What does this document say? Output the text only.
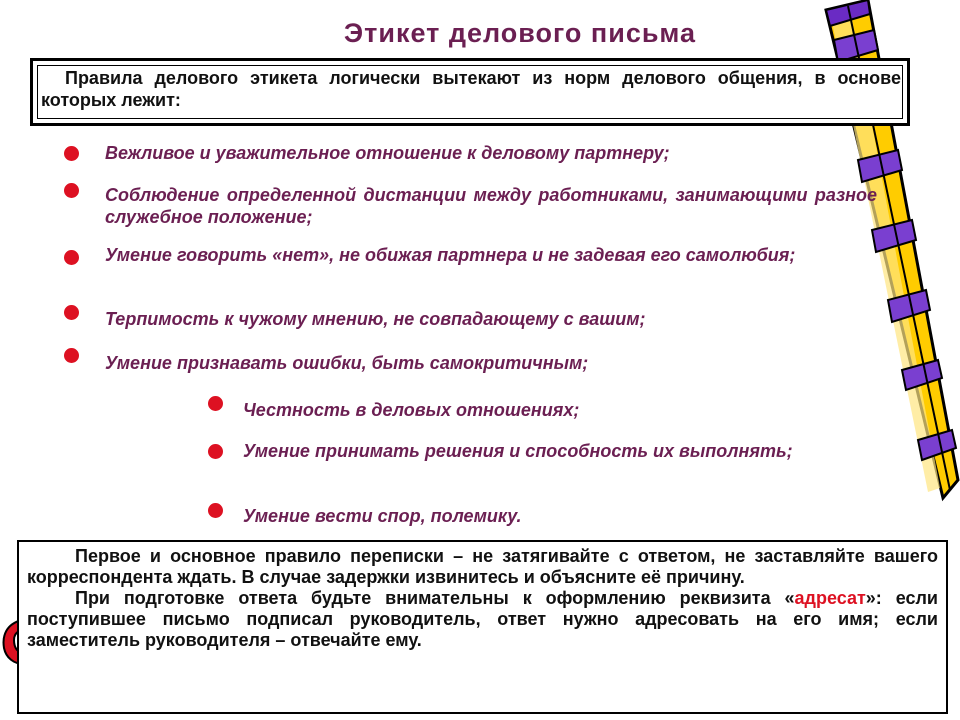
Этикет делового письма
Правила делового этикета логически вытекают из норм делового общения, в основе которых лежит:
Вежливое и уважительное отношение к деловому партнеру;
Соблюдение определенной дистанции между работниками, занимающими разное служебное положение;
Умение говорить «нет», не обижая партнера и не задевая его самолюбия;
Терпимость к чужому мнению, не совпадающему с вашим;
Умение признавать ошибки, быть самокритичным;
Честность в деловых отношениях;
Умение принимать решения и способность их выполнять;
Умение вести спор, полемику.

Первое и основное правило переписки – не затягивайте с ответом, не заставляйте вашего корреспондента ждать. В случае задержки извинитесь и объясните её причину.

При подготовке ответа будьте внимательны к оформлению реквизита «адресат»: если поступившее письмо подписал руководитель, ответ нужно адресовать на его имя; если заместитель руководителя – отвечайте ему.
